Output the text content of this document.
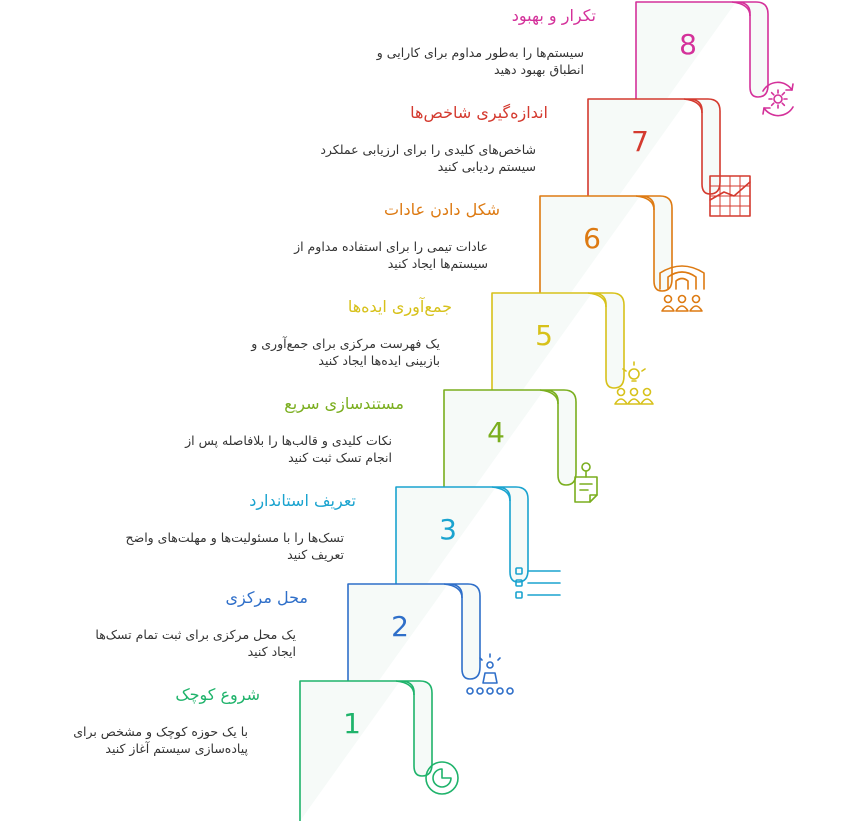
8
7
6
5
4
3
2
1
تکرار و بهبود
سیستم‌ها را به‌طور مداوم برای کارایی و انطباق بهبود دهید
اندازه‌گیری شاخص‌ها
شاخص‌های کلیدی را برای ارزیابی عملکرد سیستم ردیابی کنید
شکل دادن عادات
عادات تیمی را برای استفاده مداوم از سیستم‌ها ایجاد کنید
جمع‌آوری ایده‌ها
یک فهرست مرکزی برای جمع‌آوری و بازبینی ایده‌ها ایجاد کنید
مستندسازی سریع
نکات کلیدی و قالب‌ها را بلافاصله پس از انجام تسک ثبت کنید
تعریف استاندارد
تسک‌ها را با مسئولیت‌ها و مهلت‌های واضح تعریف کنید
محل مرکزی
یک محل مرکزی برای ثبت تمام تسک‌ها ایجاد کنید
شروع کوچک
با یک حوزه کوچک و مشخص برای پیاده‌سازی سیستم آغاز کنید
